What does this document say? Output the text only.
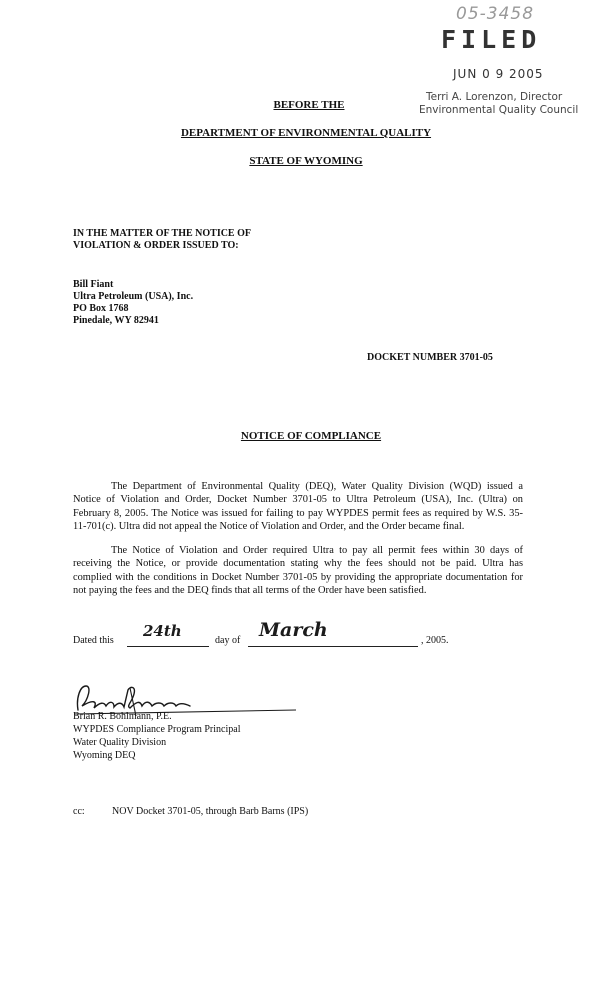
05-3458
FILED
JUN 0 9 2005
Terri A. Lorenzon, Director
Environmental Quality Council
BEFORE THE
DEPARTMENT OF ENVIRONMENTAL QUALITY
STATE OF WYOMING
IN THE MATTER OF THE NOTICE OF
VIOLATION & ORDER ISSUED TO:
Bill Fiant
Ultra Petroleum (USA), Inc.
PO Box 1768
Pinedale, WY 82941
DOCKET NUMBER 3701-05
NOTICE OF COMPLIANCE
The Department of Environmental Quality (DEQ), Water Quality Division (WQD) issued a
Notice of Violation and Order, Docket Number 3701-05 to Ultra Petroleum (USA), Inc. (Ultra) on
February 8, 2005. The Notice was issued for failing to pay WYPDES permit fees as required by W.S. 35-
11-701(c). Ultra did not appeal the Notice of Violation and Order, and the Order became final.
The Notice of Violation and Order required Ultra to pay all permit fees within 30 days of
receiving the Notice, or provide documentation stating why the fees should not be paid. Ultra has
complied with the conditions in Docket Number 3701-05 by providing the appropriate documentation for
not paying the fees and the DEQ finds that all terms of the Order have been satisfied.
Dated this
24th
day of March	, 2005.
Brian R. Bohlmann, P.E.
WYPDES Compliance Program Principal
Water Quality Division
Wyoming DEQ
cc:	NOV Docket 3701-05, through Barb Barns (IPS)
